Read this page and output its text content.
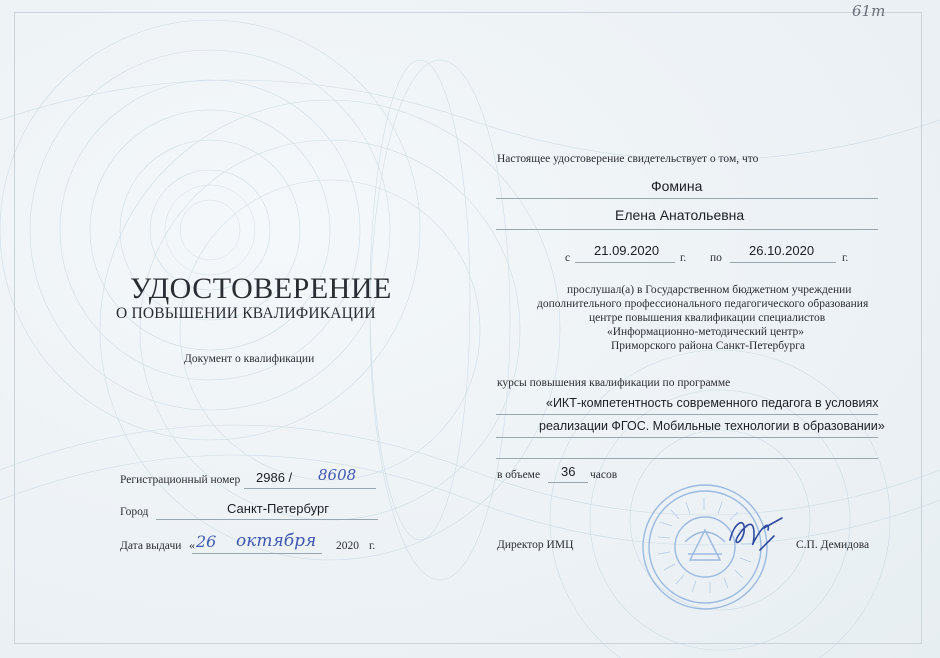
61т
УДОСТОВЕРЕНИЕ
О ПОВЫШЕНИИ КВАЛИФИКАЦИИ
Документ о квалификации
Регистрационный номер 2986 / 8608
Город	Санкт-Петербург
Дата выдачи « 26 октября 2020 г.
Настоящее удостоверение свидетельствует о том, что
Фомина
Елена Анатольевна
с 21.09.2020 г. по 26.10.2020 г.
прослушал(а) в Государственном бюджетном учреждении
дополнительного профессионального педагогического образования
центре повышения квалификации специалистов
«Информационно-методический центр»
Приморского района Санкт-Петербурга
курсы повышения квалификации по программе
«ИКТ-компетентность современного педагога в условиях
реализации ФГОС. Мобильные технологии в образовании»
в объеме 36 часов
Директор ИМЦ	С.П. Демидова
